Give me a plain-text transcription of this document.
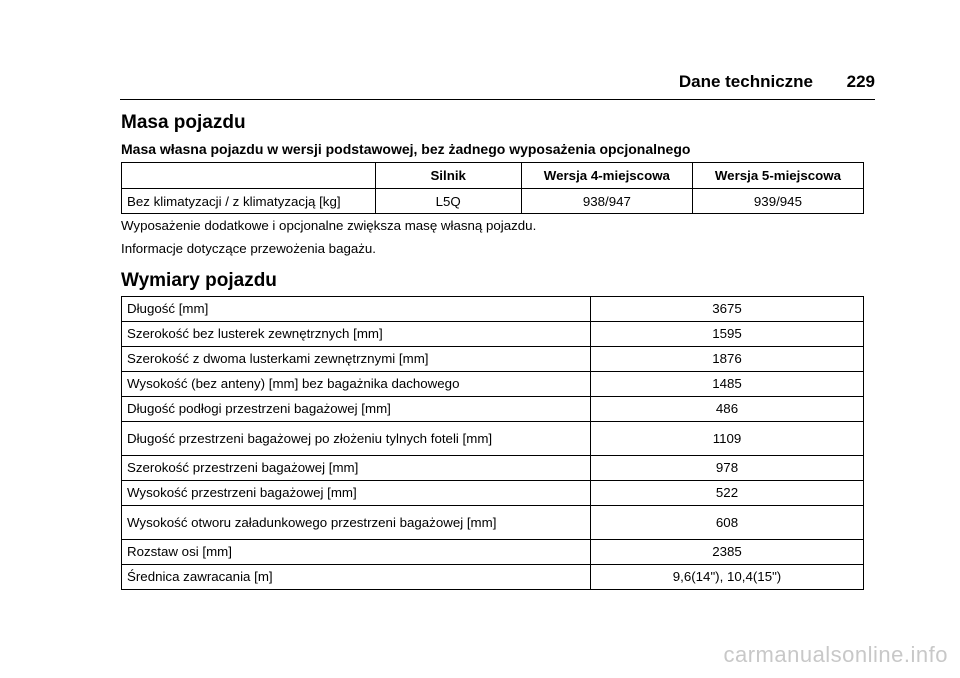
Dane techniczne 229
Masa pojazdu

Masa własna pojazdu w wersji podstawowej, bez żadnego wyposażenia opcjonalnego

	Silnik	Wersja 4-miejscowa	Wersja 5-miejscowa
Bez klimatyzacji / z klimatyzacją [kg]	L5Q	938/947	939/945

Wyposażenie dodatkowe i opcjonalne zwiększa masę własną pojazdu.

Informacje dotyczące przewożenia bagażu.

Wymiary pojazdu
Długość [mm]	3675
Szerokość bez lusterek zewnętrznych [mm]	1595
Szerokość z dwoma lusterkami zewnętrznymi [mm]	1876
Wysokość (bez anteny) [mm] bez bagażnika dachowego	1485
Długość podłogi przestrzeni bagażowej [mm]	486
Długość przestrzeni bagażowej po złożeniu tylnych foteli [mm]	1109
Szerokość przestrzeni bagażowej [mm]	978
Wysokość przestrzeni bagażowej [mm]	522
Wysokość otworu załadunkowego przestrzeni bagażowej [mm]	608
Rozstaw osi [mm]	2385
Średnica zawracania [m]	9,6(14"), 10,4(15")
carmanualsonline.info
